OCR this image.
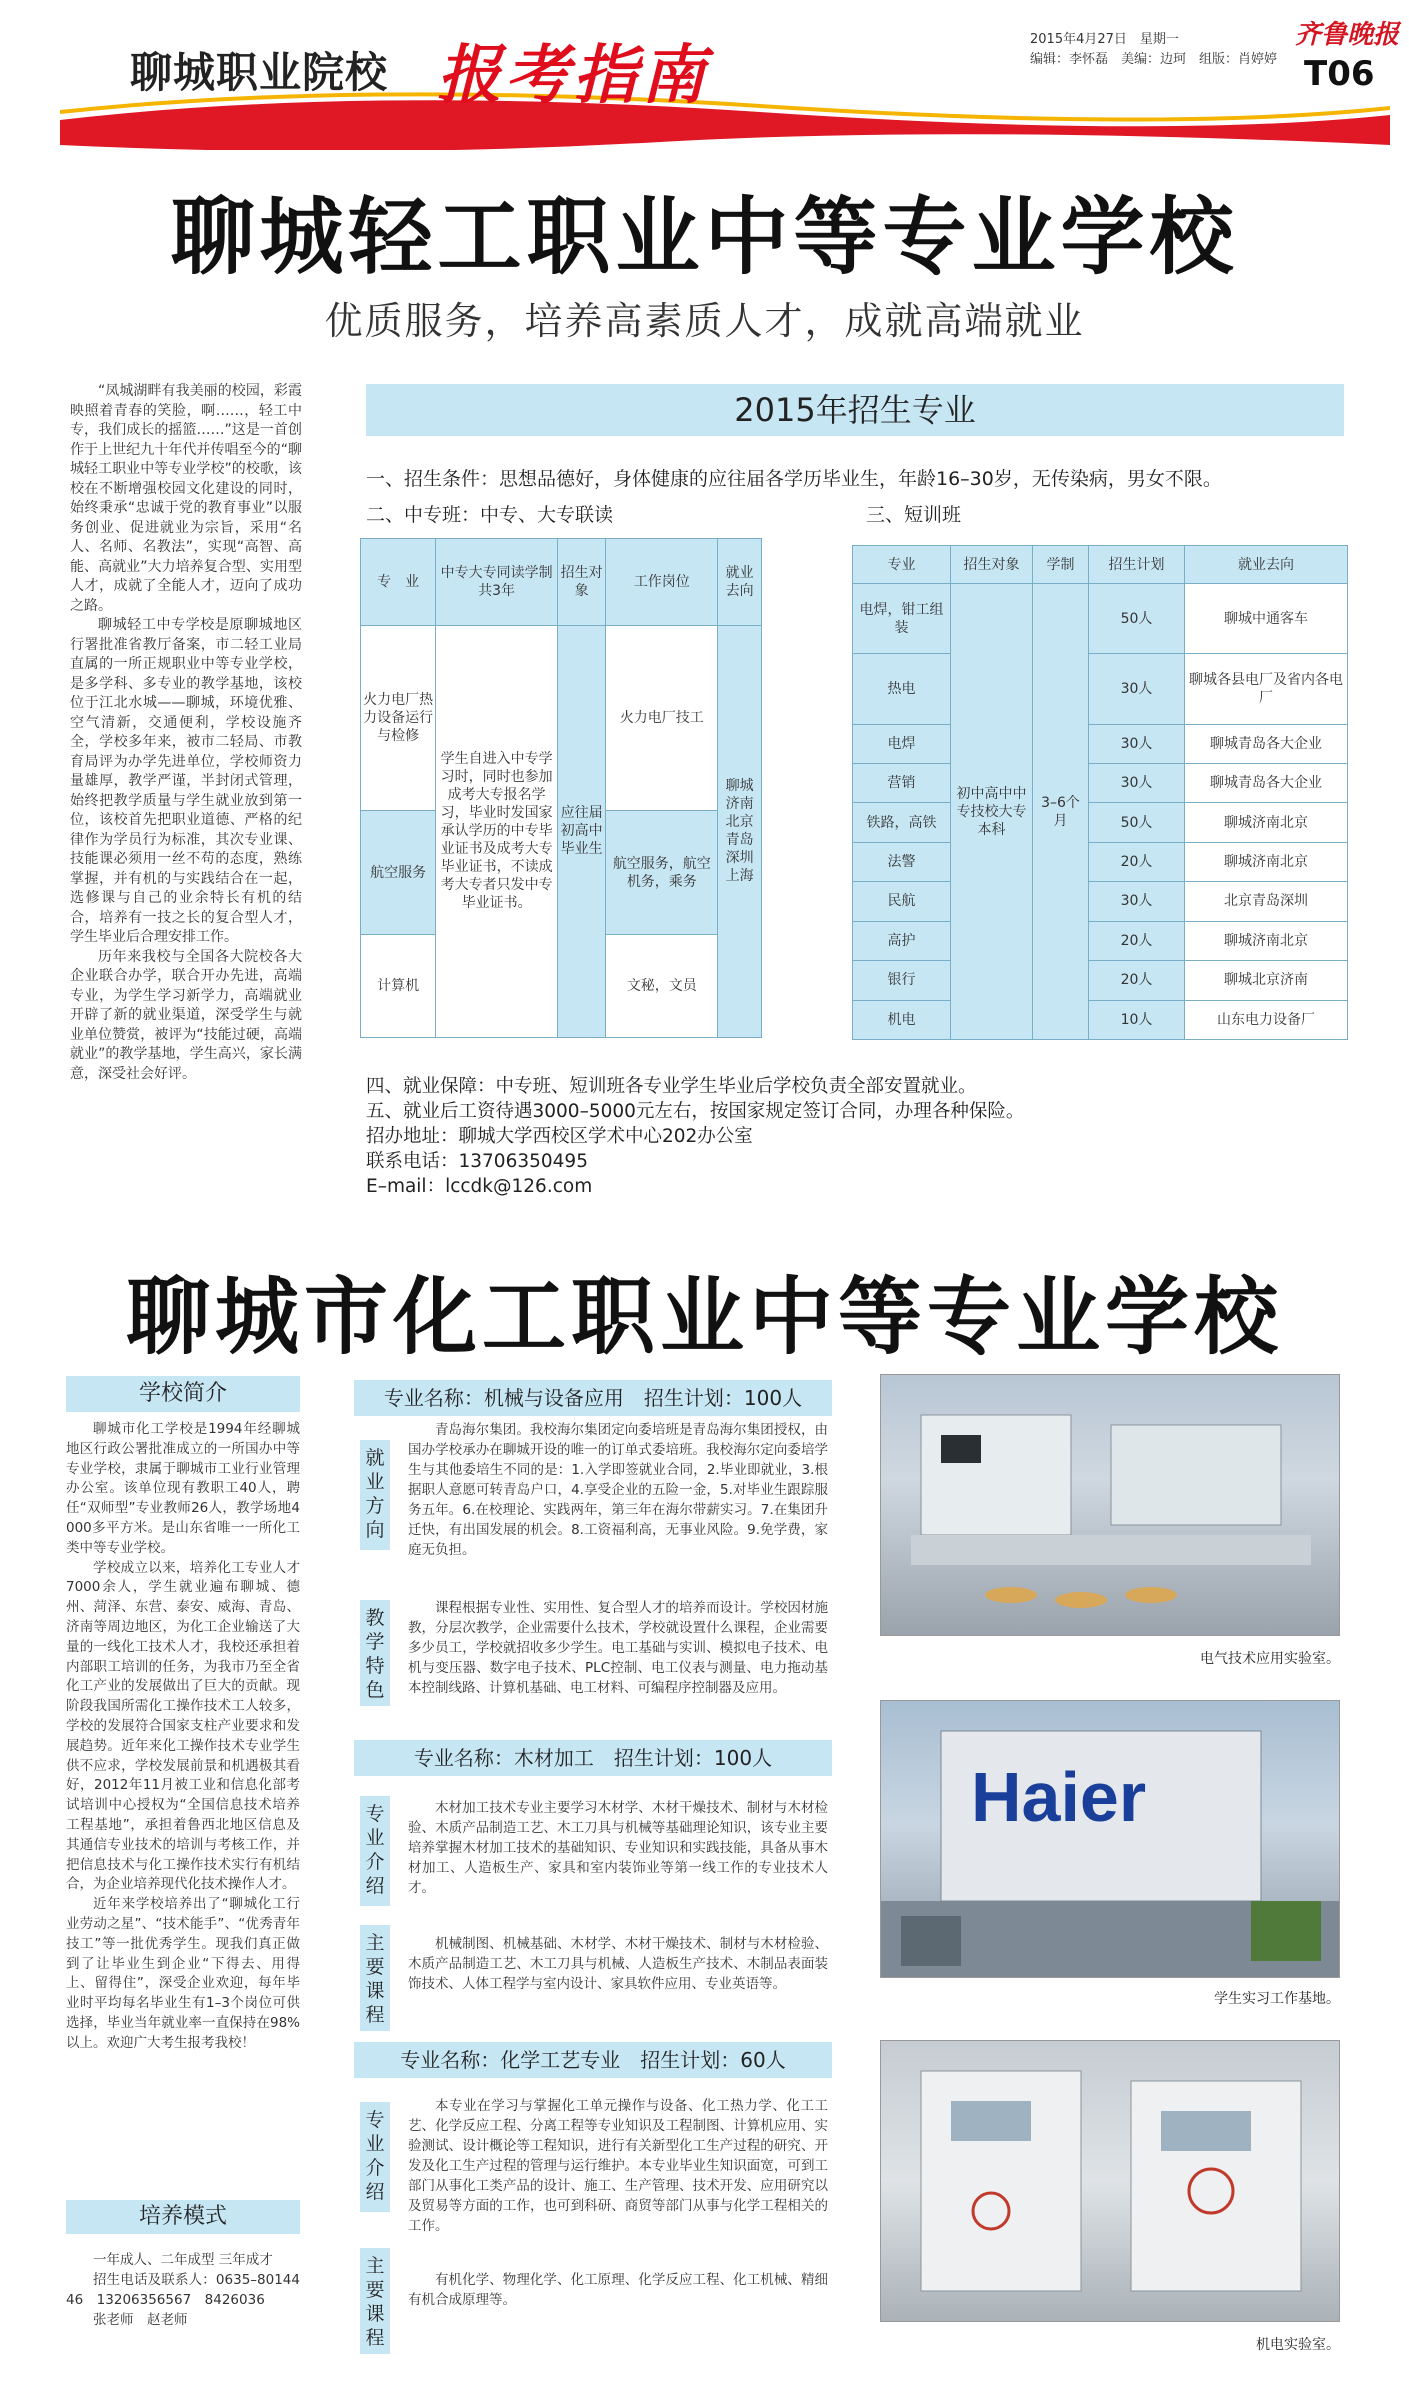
聊城职业院校 报考指南	2015年4月27日　星期一
编辑：李怀磊　美编：边珂　组版：肖婷婷
齐鲁晚报
T06
聊城轻工职业中等专业学校
优质服务，培养高素质人才，成就高端就业

“凤城湖畔有我美丽的校园，彩霞映照着青春的笑脸，啊……，轻工中专，我们成长的摇篮……”这是一首创作于上世纪九十年代并传唱至今的“聊城轻工职业中等专业学校”的校歌，该校在不断增强校园文化建设的同时，始终秉承“忠诚于党的教育事业”以服务创业、促进就业为宗旨，采用“名人、名师、名教法”，实现“高智、高能、高就业”大力培养复合型、实用型人才，成就了全能人才，迈向了成功之路。

聊城轻工中专学校是原聊城地区行署批准省教厅备案，市二轻工业局直属的一所正规职业中等专业学校，是多学科、多专业的教学基地，该校位于江北水城——聊城，环境优雅、空气清新，交通便利，学校设施齐全，学校多年来，被市二轻局、市教育局评为办学先进单位，学校师资力量雄厚，教学严谨，半封闭式管理，始终把教学质量与学生就业放到第一位，该校首先把职业道德、严格的纪律作为学员行为标准，其次专业课、技能课必须用一丝不苟的态度，熟练掌握，并有机的与实践结合在一起，选修课与自己的业余特长有机的结合，培养有一技之长的复合型人才，学生毕业后合理安排工作。

历年来我校与全国各大院校各大企业联合办学，联合开办先进，高端专业，为学生学习新学力，高端就业开辟了新的就业渠道，深受学生与就业单位赞赏，被评为“技能过硬，高端就业”的教学基地，学生高兴，家长满意，深受社会好评。

2015年招生专业
一、招生条件：思想品德好，身体健康的应往届各学历毕业生，年龄16–30岁，无传染病，男女不限。
二、中专班：中专、大专联读	三、短训班
专　业	中专大专同读学制共3年	招生对象	工作岗位	就业去向
火力电厂热力设备运行与检修	学生自进入中专学习时，同时也参加成考大专报名学习，毕业时发国家承认学历的中专毕业证书及成考大专毕业证书，不读成考大专者只发中专毕业证书。	应往届初高中毕业生	火力电厂技工	聊城济南北京青岛深圳上海
航空服务			航空服务，航空机务，乘务	
计算机			文秘，文员	
专业	招生对象	学制	招生计划	就业去向
电焊，钳工组装	初中高中中专技校大专本科	3–6个月	50人	聊城中通客车
热电			30人	聊城各县电厂及省内各电厂
电焊			30人	聊城青岛各大企业
营销			30人	聊城青岛各大企业
铁路，高铁			50人	聊城济南北京
法警			20人	聊城济南北京
民航			30人	北京青岛深圳
高护			20人	聊城济南北京
银行			20人	聊城北京济南
机电			10人	山东电力设备厂
四、就业保障：中专班、短训班各专业学生毕业后学校负责全部安置就业。
五、就业后工资待遇3000–5000元左右，按国家规定签订合同，办理各种保险。
招办地址：聊城大学西校区学术中心202办公室
联系电话：13706350495
E–mail：lccdk@126.com
聊城市化工职业中等专业学校
学校简介

聊城市化工学校是1994年经聊城地区行政公署批准成立的一所国办中等专业学校，隶属于聊城市工业行业管理办公室。该单位现有教职工40人，聘任“双师型”专业教师26人，教学场地4000多平方米。是山东省唯一一所化工类中等专业学校。

学校成立以来，培养化工专业人才7000余人，学生就业遍布聊城、德州、菏泽、东营、泰安、威海、青岛、济南等周边地区，为化工企业输送了大量的一线化工技术人才，我校还承担着内部职工培训的任务，为我市乃至全省化工产业的发展做出了巨大的贡献。现阶段我国所需化工操作技术工人较多，学校的发展符合国家支柱产业要求和发展趋势。近年来化工操作技术专业学生供不应求，学校发展前景和机遇极其看好，2012年11月被工业和信息化部考试培训中心授权为“全国信息技术培养工程基地”，承担着鲁西北地区信息及其通信专业技术的培训与考核工作，并把信息技术与化工操作技术实行有机结合，为企业培养现代化技术操作人才。

近年来学校培养出了“聊城化工行业劳动之星”、“技术能手”、“优秀青年技工”等一批优秀学生。现我们真正做到了让毕业生到企业“下得去、用得上、留得住”，深受企业欢迎，每年毕业时平均每名毕业生有1–3个岗位可供选择，毕业当年就业率一直保持在98%以上。欢迎广大考生报考我校！

培养模式
一年成人、二年成型 三年成才
招生电话及联系人：0635–8014446　13206356567　8426036
张老师　赵老师
专业名称：机械与设备应用　招生计划：100人
就业方向
青岛海尔集团。我校海尔集团定向委培班是青岛海尔集团授权，由国办学校承办在聊城开设的唯一的订单式委培班。我校海尔定向委培学生与其他委培生不同的是：1.入学即签就业合同，2.毕业即就业，3.根据职人意愿可转青岛户口，4.享受企业的五险一金，5.对毕业生跟踪服务五年。6.在校理论、实践两年，第三年在海尔带薪实习。7.在集团升迁快，有出国发展的机会。8.工资福利高，无事业风险。9.免学费，家庭无负担。
教学特色
课程根据专业性、实用性、复合型人才的培养而设计。学校因材施教，分层次教学，企业需要什么技术，学校就设置什么课程，企业需要多少员工，学校就招收多少学生。电工基础与实训、模拟电子技术、电机与变压器、数字电子技术、PLC控制、电工仪表与测量、电力拖动基本控制线路、计算机基础、电工材料、可编程序控制器及应用。
专业名称：木材加工　招生计划：100人
专业介绍
木材加工技术专业主要学习木材学、木材干燥技术、制材与木材检验、木质产品制造工艺、木工刀具与机械等基础理论知识，该专业主要培养掌握木材加工技术的基础知识、专业知识和实践技能，具备从事木材加工、人造板生产、家具和室内装饰业等第一线工作的专业技术人才。
主要课程
机械制图、机械基础、木材学、木材干燥技术、制材与木材检验、木质产品制造工艺、木工刀具与机械、人造板生产技术、木制品表面装饰技术、人体工程学与室内设计、家具软件应用、专业英语等。
专业名称：化学工艺专业　招生计划：60人
专业介绍
本专业在学习与掌握化工单元操作与设备、化工热力学、化工工艺、化学反应工程、分离工程等专业知识及工程制图、计算机应用、实验测试、设计概论等工程知识，进行有关新型化工生产过程的研究、开发及化工生产过程的管理与运行维护。本专业毕业生知识面宽，可到工部门从事化工类产品的设计、施工、生产管理、技术开发、应用研究以及贸易等方面的工作，也可到科研、商贸等部门从事与化学工程相关的工作。
主要课程
有机化学、物理化学、化工原理、化学反应工程、化工机械、精细有机合成原理等。
电气技术应用实验室。
Haier
学生实习工作基地。
机电实验室。
